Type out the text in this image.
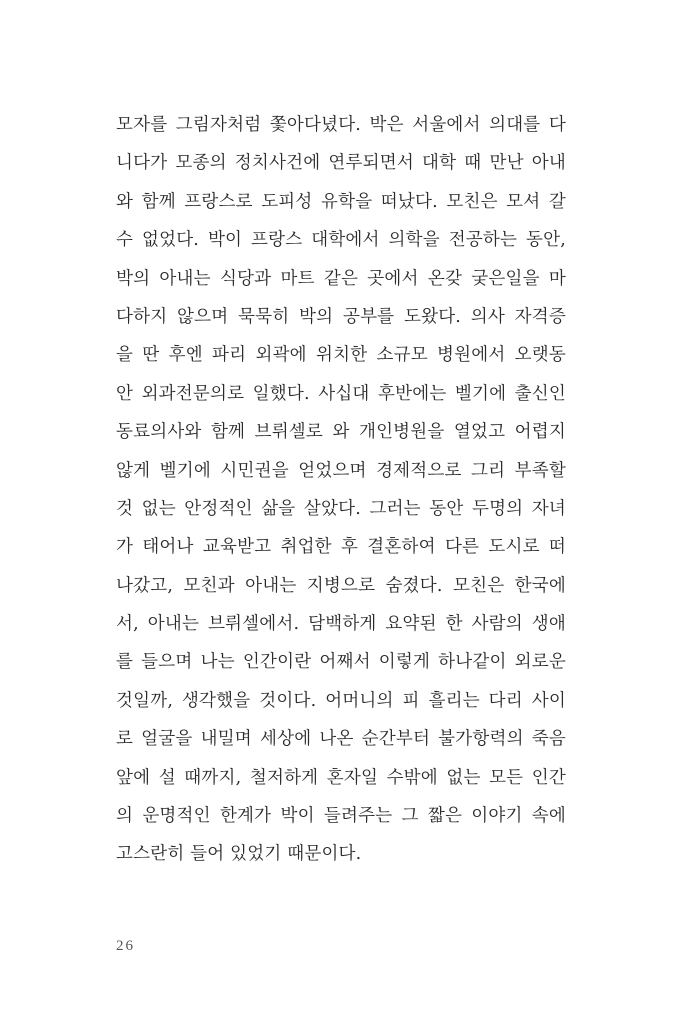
모자를 그림자처럼 쫓아다녔다. 박은 서울에서 의대를 다
니다가 모종의 정치사건에 연루되면서 대학 때 만난 아내
와 함께 프랑스로 도피성 유학을 떠났다. 모친은 모셔 갈
수 없었다. 박이 프랑스 대학에서 의학을 전공하는 동안,
박의 아내는 식당과 마트 같은 곳에서 온갖 궂은일을 마
다하지 않으며 묵묵히 박의 공부를 도왔다. 의사 자격증
을 딴 후엔 파리 외곽에 위치한 소규모 병원에서 오랫동
안 외과전문의로 일했다. 사십대 후반에는 벨기에 출신인
동료의사와 함께 브뤼셀로 와 개인병원을 열었고 어렵지
않게 벨기에 시민권을 얻었으며 경제적으로 그리 부족할
것 없는 안정적인 삶을 살았다. 그러는 동안 두명의 자녀
가 태어나 교육받고 취업한 후 결혼하여 다른 도시로 떠
나갔고, 모친과 아내는 지병으로 숨졌다. 모친은 한국에
서, 아내는 브뤼셀에서. 담백하게 요약된 한 사람의 생애
를 들으며 나는 인간이란 어째서 이렇게 하나같이 외로운
것일까, 생각했을 것이다. 어머니의 피 흘리는 다리 사이
로 얼굴을 내밀며 세상에 나온 순간부터 불가항력의 죽음
앞에 설 때까지, 철저하게 혼자일 수밖에 없는 모든 인간
의 운명적인 한계가 박이 들려주는 그 짧은 이야기 속에
고스란히 들어 있었기 때문이다.
26
